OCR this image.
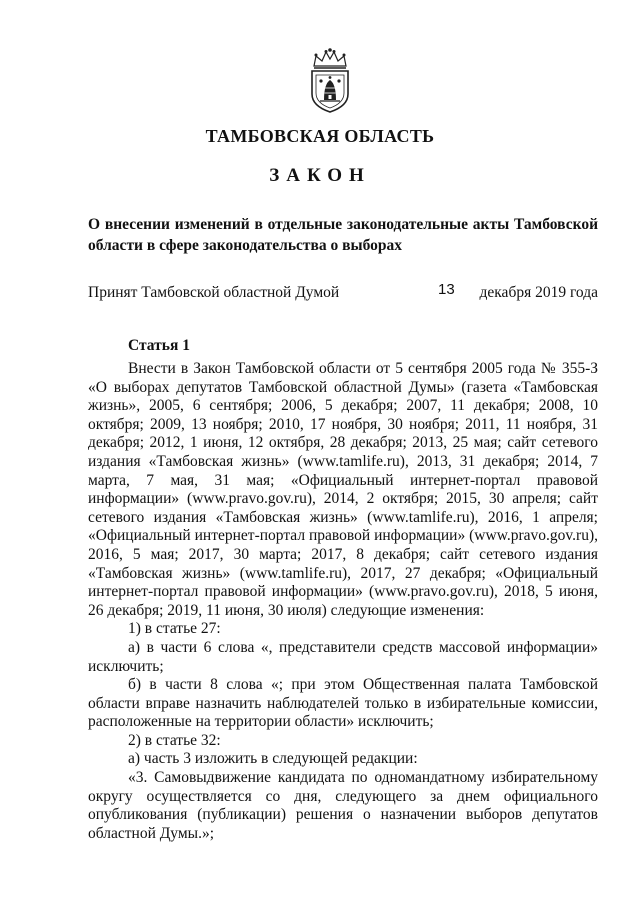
ТАМБОВСКАЯ ОБЛАСТЬ
ЗАКОН
О внесении изменений в отдельные законодательные акты Тамбовской области в сфере законодательства о выборах
Принят Тамбовской областной Думой	13 декабря 2019 года
Статья 1

Внести в Закон Тамбовской области от 5 сентября 2005 года № 355-З «О выборах депутатов Тамбовской областной Думы» (газета «Тамбовская жизнь», 2005, 6 сентября; 2006, 5 декабря; 2007, 11 декабря; 2008, 10 октября; 2009, 13 ноября; 2010, 17 ноября, 30 ноября; 2011, 11 ноября, 31 декабря; 2012, 1 июня, 12 октября, 28 декабря; 2013, 25 мая; сайт сетевого издания «Тамбовская жизнь» (www.tamlife.ru), 2013, 31 декабря; 2014, 7 марта, 7 мая, 31 мая; «Официальный интернет-портал правовой информации» (www.pravo.gov.ru), 2014, 2 октября; 2015, 30 апреля; сайт сетевого издания «Тамбовская жизнь» (www.tamlife.ru), 2016, 1 апреля; «Официальный интернет-портал правовой информации» (www.pravo.gov.ru), 2016, 5 мая; 2017, 30 марта; 2017, 8 декабря; сайт сетевого издания «Тамбовская жизнь» (www.tamlife.ru), 2017, 27 декабря; «Официальный интернет-портал правовой информации» (www.pravo.gov.ru), 2018, 5 июня, 26 декабря; 2019, 11 июня, 30 июля) следующие изменения:

1) в статье 27:

а) в части 6 слова «, представители средств массовой информации» исключить;

б) в части 8 слова «; при этом Общественная палата Тамбовской области вправе назначить наблюдателей только в избирательные комиссии, расположенные на территории области» исключить;

2) в статье 32:

а) часть 3 изложить в следующей редакции:

«3. Самовыдвижение кандидата по одномандатному избирательному округу осуществляется со дня, следующего за днем официального опубликования (публикации) решения о назначении выборов депутатов областной Думы.»;
